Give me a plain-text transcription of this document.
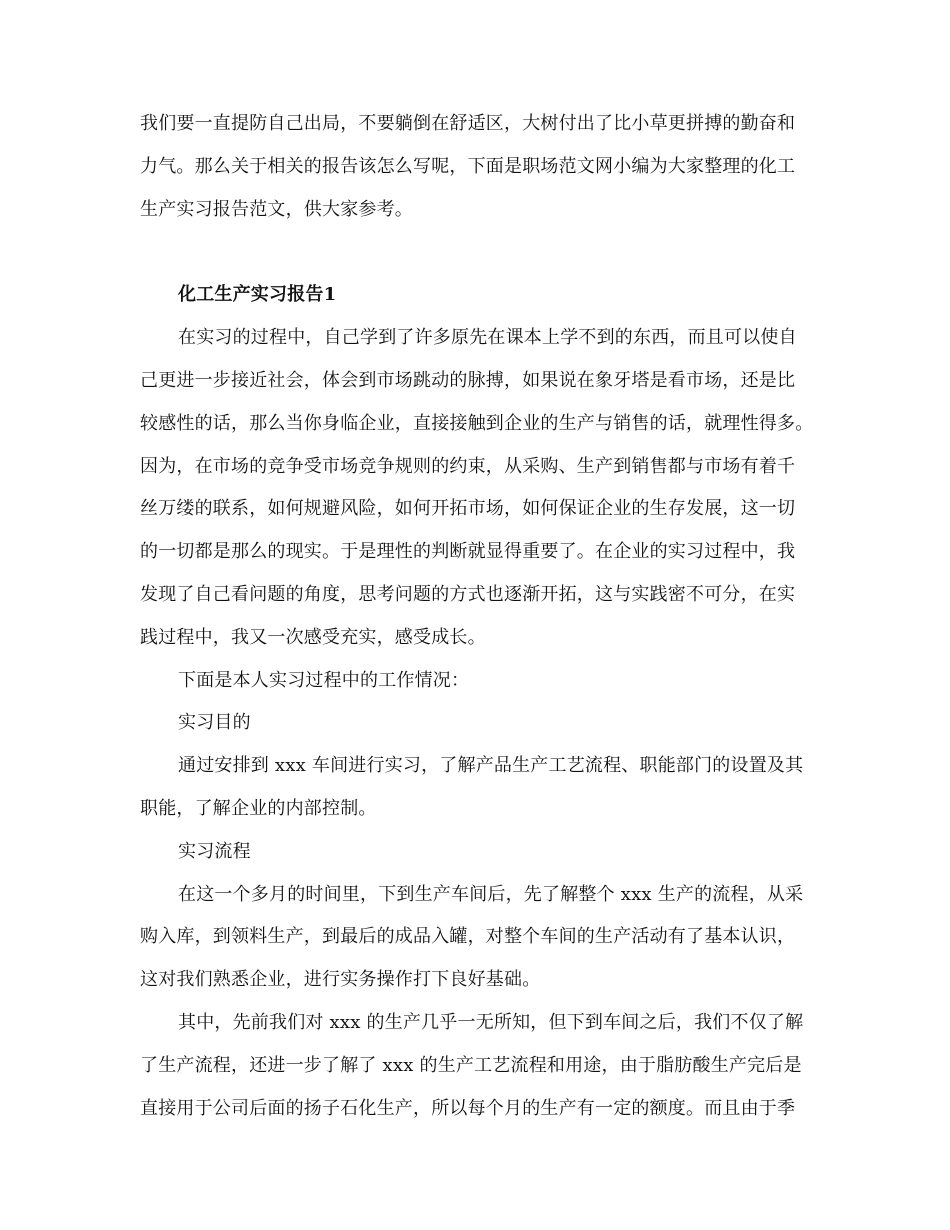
我们要一直提防自己出局，不要躺倒在舒适区，大树付出了比小草更拼搏的勤奋和
力气。那么关于相关的报告该怎么写呢，下面是职场范文网小编为大家整理的化工
生产实习报告范文，供大家参考。
化工生产实习报告1
在实习的过程中，自己学到了许多原先在课本上学不到的东西，而且可以使自
己更进一步接近社会，体会到市场跳动的脉搏，如果说在象牙塔是看市场，还是比
较感性的话，那么当你身临企业，直接接触到企业的生产与销售的话，就理性得多。
因为，在市场的竞争受市场竞争规则的约束，从采购、生产到销售都与市场有着千
丝万缕的联系，如何规避风险，如何开拓市场，如何保证企业的生存发展，这一切
的一切都是那么的现实。于是理性的判断就显得重要了。在企业的实习过程中，我
发现了自己看问题的角度，思考问题的方式也逐渐开拓，这与实践密不可分，在实
践过程中，我又一次感受充实，感受成长。
下面是本人实习过程中的工作情况：
实习目的
通过安排到 xxx 车间进行实习，了解产品生产工艺流程、职能部门的设置及其
职能，了解企业的内部控制。
实习流程
在这一个多月的时间里，下到生产车间后，先了解整个 xxx 生产的流程，从采
购入库，到领料生产，到最后的成品入罐，对整个车间的生产活动有了基本认识，
这对我们熟悉企业，进行实务操作打下良好基础。
其中，先前我们对 xxx 的生产几乎一无所知，但下到车间之后，我们不仅了解
了生产流程，还进一步了解了 xxx 的生产工艺流程和用途，由于脂肪酸生产完后是
直接用于公司后面的扬子石化生产，所以每个月的生产有一定的额度。而且由于季
